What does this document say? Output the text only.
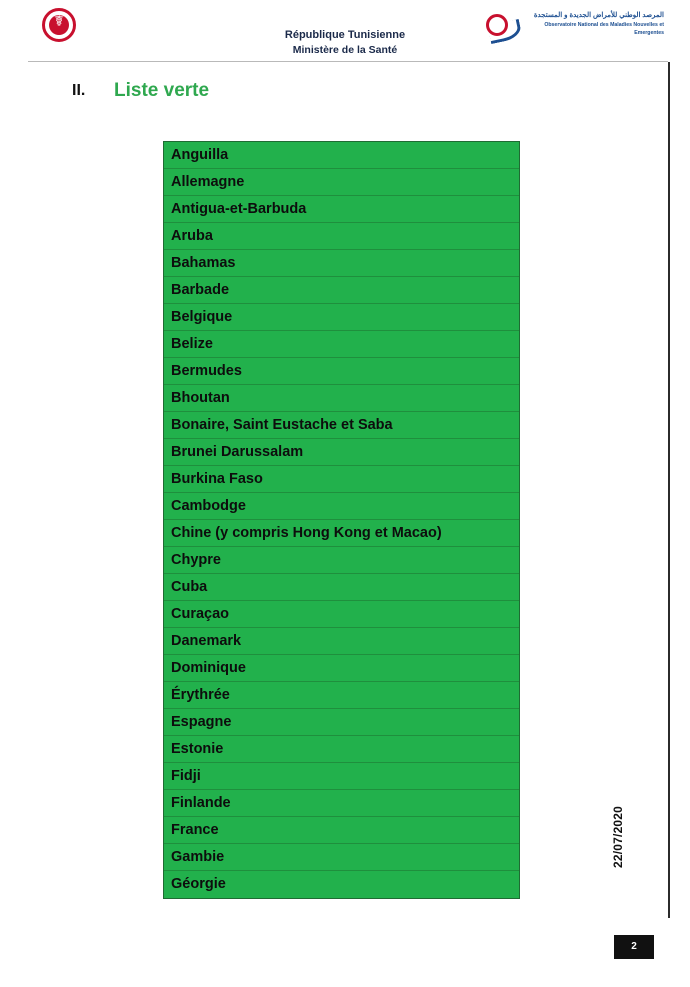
☤
République Tunisienne
Ministère de la Santé
المرصد الوطني للأمراض الجديدة و المستجدة
Observatoire National des Maladies Nouvelles et Emergentes
II. Liste verte
Anguilla
Allemagne
Antigua-et-Barbuda
Aruba
Bahamas
Barbade
Belgique
Belize
Bermudes
Bhoutan
Bonaire, Saint Eustache et Saba
Brunei Darussalam
Burkina Faso
Cambodge
Chine (y compris Hong Kong et Macao)
Chypre
Cuba
Curaçao
Danemark
Dominique
Érythrée
Espagne
Estonie
Fidji
Finlande
France
Gambie
Géorgie
22/07/2020
2
